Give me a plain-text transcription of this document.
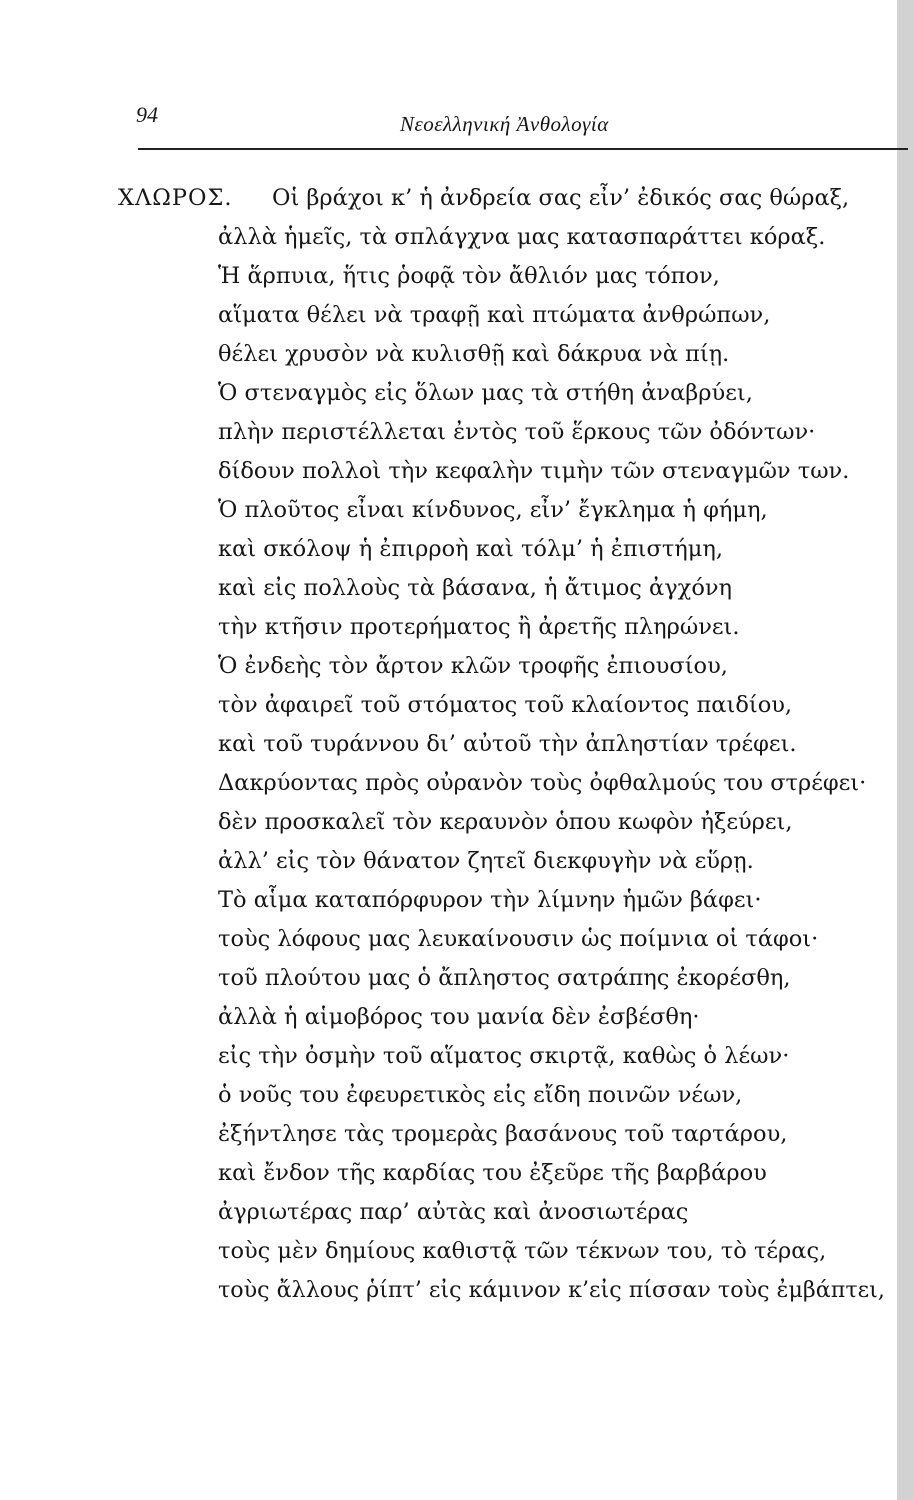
94	Νεοελληνική Ἀνθολογία
ΧΛΩΡΟΣ. Οἱ βράχοι κ’ ἡ ἀνδρεία σας εἶν’ ἐδικός σας θώραξ,
ἀλλὰ ἡμεῖς, τὰ σπλάγχνα μας κατασπαράττει κόραξ.
Ἡ ἅρπυια, ἥτις ῥοφᾷ τὸν ἄθλιόν μας τόπον,
αἵματα θέλει νὰ τραφῇ καὶ πτώματα ἀνθρώπων,
θέλει χρυσὸν νὰ κυλισθῇ καὶ δάκρυα νὰ πίῃ.
Ὁ στεναγμὸς εἰς ὅλων μας τὰ στήθη ἀναβρύει,
πλὴν περιστέλλεται ἐντὸς τοῦ ἕρκους τῶν ὀδόντων·
δίδουν πολλοὶ τὴν κεφαλὴν τιμὴν τῶν στεναγμῶν των.
Ὁ πλοῦτος εἶναι κίνδυνος, εἶν’ ἔγκλημα ἡ φήμη,
καὶ σκόλοψ ἡ ἐπιρροὴ καὶ τόλμ’ ἡ ἐπιστήμη,
καὶ εἰς πολλοὺς τὰ βάσανα, ἡ ἄτιμος ἀγχόνη
τὴν κτῆσιν προτερήματος ἢ ἀρετῆς πληρώνει.
Ὁ ἐνδεὴς τὸν ἄρτον κλῶν τροφῆς ἐπιουσίου,
τὸν ἀφαιρεῖ τοῦ στόματος τοῦ κλαίοντος παιδίου,
καὶ τοῦ τυράννου δι’ αὐτοῦ τὴν ἀπληστίαν τρέφει.
Δακρύοντας πρὸς οὐρανὸν τοὺς ὀφθαλμούς του στρέφει·
δὲν προσκαλεῖ τὸν κεραυνὸν ὁπου κωφὸν ἠξεύρει,
ἀλλ’ εἰς τὸν θάνατον ζητεῖ διεκφυγὴν νὰ εὕρῃ.
Τὸ αἷμα καταπόρφυρον τὴν λίμνην ἡμῶν βάφει·
τοὺς λόφους μας λευκαίνουσιν ὡς ποίμνια οἱ τάφοι·
τοῦ πλούτου μας ὁ ἄπληστος σατράπης ἐκορέσθη,
ἀλλὰ ἡ αἱμοβόρος του μανία δὲν ἐσβέσθη·
εἰς τὴν ὀσμὴν τοῦ αἵματος σκιρτᾷ, καθὼς ὁ λέων·
ὁ νοῦς του ἐφευρετικὸς εἰς εἴδη ποινῶν νέων,
ἐξήντλησε τὰς τρομερὰς βασάνους τοῦ ταρτάρου,
καὶ ἔνδον τῆς καρδίας του ἐξεῦρε τῆς βαρβάρου
ἀγριωτέρας παρ’ αὐτὰς καὶ ἀνοσιωτέρας
τοὺς μὲν δημίους καθιστᾷ τῶν τέκνων του, τὸ τέρας,
τοὺς ἄλλους ῥίπτ’ εἰς κάμινον κ’εἰς πίσσαν τοὺς ἐμβάπτει,
